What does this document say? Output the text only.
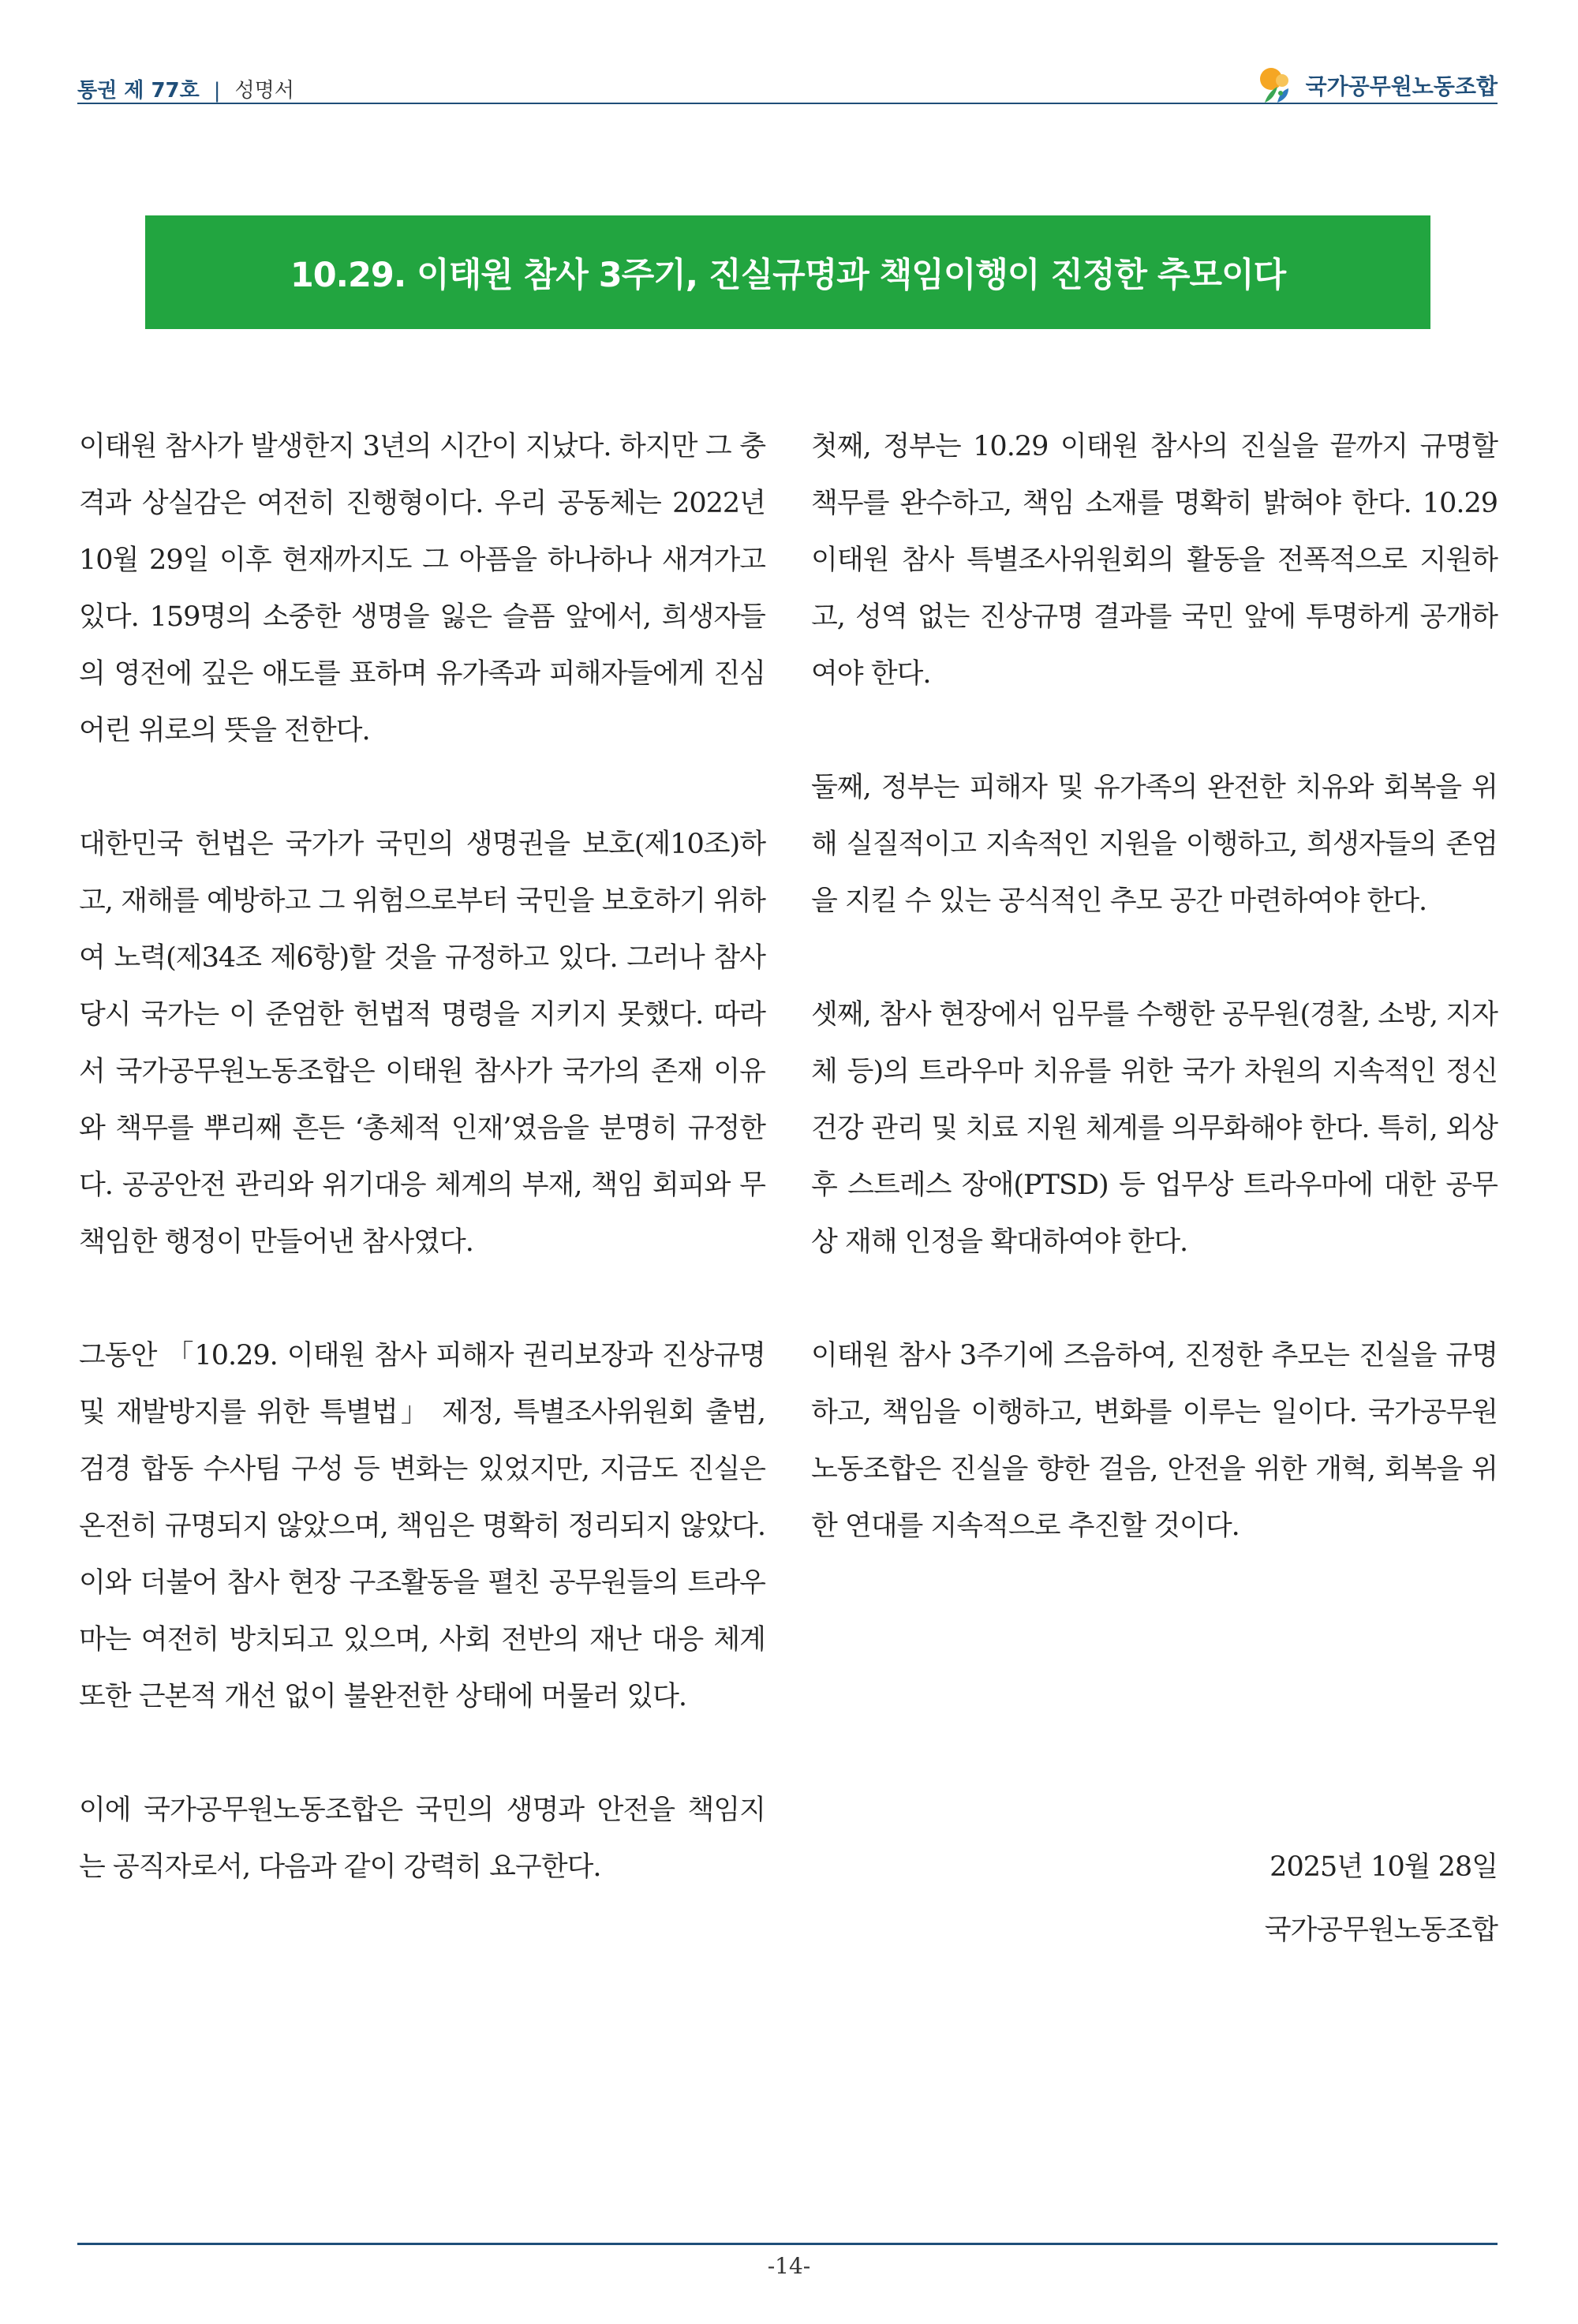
통권 제 77호 | 성명서	국가공무원노동조합
10.29. 이태원 참사 3주기, 진실규명과 책임이행이 진정한 추모이다

이태원 참사가 발생한지 3년의 시간이 지났다. 하지만 그 충격과 상실감은 여전히 진행형이다. 우리 공동체는 2022년 10월 29일 이후 현재까지도 그 아픔을 하나하나 새겨가고 있다. 159명의 소중한 생명을 잃은 슬픔 앞에서, 희생자들의 영전에 깊은 애도를 표하며 유가족과 피해자들에게 진심어린 위로의 뜻을 전한다.

대한민국 헌법은 국가가 국민의 생명권을 보호(제10조)하고, 재해를 예방하고 그 위험으로부터 국민을 보호하기 위하여 노력(제34조 제6항)할 것을 규정하고 있다. 그러나 참사 당시 국가는 이 준엄한 헌법적 명령을 지키지 못했다. 따라서 국가공무원노동조합은 이태원 참사가 국가의 존재 이유와 책무를 뿌리째 흔든 ‘총체적 인재’였음을 분명히 규정한다. 공공안전 관리와 위기대응 체계의 부재, 책임 회피와 무책임한 행정이 만들어낸 참사였다.

그동안 「10.29. 이태원 참사 피해자 권리보장과 진상규명 및 재발방지를 위한 특별법」 제정, 특별조사위원회 출범, 검경 합동 수사팀 구성 등 변화는 있었지만, 지금도 진실은 온전히 규명되지 않았으며, 책임은 명확히 정리되지 않았다. 이와 더불어 참사 현장 구조활동을 펼친 공무원들의 트라우마는 여전히 방치되고 있으며, 사회 전반의 재난 대응 체계 또한 근본적 개선 없이 불완전한 상태에 머물러 있다.

이에 국가공무원노동조합은 국민의 생명과 안전을 책임지는 공직자로서, 다음과 같이 강력히 요구한다.

첫째, 정부는 10.29 이태원 참사의 진실을 끝까지 규명할 책무를 완수하고, 책임 소재를 명확히 밝혀야 한다. 10.29 이태원 참사 특별조사위원회의 활동을 전폭적으로 지원하고, 성역 없는 진상규명 결과를 국민 앞에 투명하게 공개하여야 한다.

둘째, 정부는 피해자 및 유가족의 완전한 치유와 회복을 위해 실질적이고 지속적인 지원을 이행하고, 희생자들의 존엄을 지킬 수 있는 공식적인 추모 공간 마련하여야 한다.

셋째, 참사 현장에서 임무를 수행한 공무원(경찰, 소방, 지자체 등)의 트라우마 치유를 위한 국가 차원의 지속적인 정신건강 관리 및 치료 지원 체계를 의무화해야 한다. 특히, 외상 후 스트레스 장애(PTSD) 등 업무상 트라우마에 대한 공무상 재해 인정을 확대하여야 한다.

이태원 참사 3주기에 즈음하여, 진정한 추모는 진실을 규명하고, 책임을 이행하고, 변화를 이루는 일이다. 국가공무원노동조합은 진실을 향한 걸음, 안전을 위한 개혁, 회복을 위한 연대를 지속적으로 추진할 것이다.

2025년 10월 28일
국가공무원노동조합
-14-
